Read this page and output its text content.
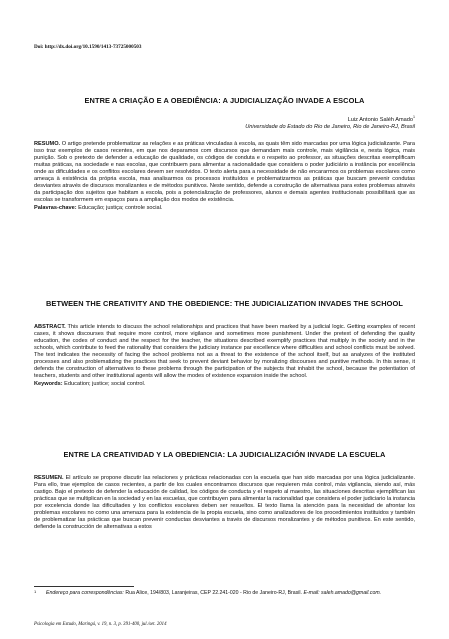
Doi: http://dx.doi.org/10.1590/1413-73725000503
ENTRE A CRIAÇÃO E A OBEDIÊNCIA: A JUDICIALIZAÇÃO INVADE A ESCOLA
Luiz Antonio Saléh Amado$^1$
Universidade do Estado do Rio de Janeiro, Rio de Janeiro-RJ, Brasil
RESUMO. O artigo pretende problematizar as relações e as práticas vinculadas à escola, as quais têm sido marcadas por uma lógica judicializante. Para isso traz exemplos de casos recentes, em que nos deparamos com discursos que demandam mais controle, mais vigilância e, nesta lógica, mais punição. Sob o pretexto de defender a educação de qualidade, os códigos de conduta e o respeito ao professor, as situações descritas exemplificam muitas práticas, na sociedade e nas escolas, que contribuem para alimentar a racionalidade que considera o poder judiciário a instância por excelência onde as dificuldades e os conflitos escolares devem ser resolvidos. O texto alerta para a necessidade de não encararmos os problemas escolares como ameaça à existência da própria escola, mas analisarmos os processos instituídos e problematizarmos as práticas que buscam prevenir condutas desviantes através de discursos moralizantes e de métodos punitivos. Neste sentido, defende a construção de alternativas para estes problemas através da participação dos sujeitos que habitam a escola, pois a potencialização de professores, alunos e demais agentes institucionais possibilitará que as escolas se transformem em espaços para a ampliação dos modos de existência.
Palavras-chave: Educação; justiça; controle social.
BETWEEN THE CREATIVITY AND THE OBEDIENCE: THE JUDICIALIZATION INVADES THE SCHOOL
ABSTRACT. This article intends to discuss the school relationships and practices that have been marked by a judicial logic. Getting examples of recent cases, it shows discourses that require more control, more vigilance and sometimes more punishment. Under the pretext of defending the quality education, the codes of conduct and the respect for the teacher, the situations described exemplify practices that multiply in the society and in the schools, which contribute to feed the rationality that considers the judiciary instance par excellence where difficulties and school conflicts must be solved. The text indicates the necessity of facing the school problems not as a threat to the existence of the school itself, but as analyzes of the instituted processes and also problematizing the practices that seek to prevent deviant behavior by moralizing discourses and punitive methods. In this sense, it defends the construction of alternatives to these problems through the participation of the subjects that inhabit the school, because the potentiation of teachers, students and other institutional agents will allow the modes of existence expansion inside the school.
Keywords: Education; justice; social control.
ENTRE LA CREATIVIDAD Y LA OBEDIENCIA: LA JUDICIALIZACIÓN INVADE LA ESCUELA
RESUMEN. El artículo se propone discutir las relaciones y prácticas relacionadas con la escuela que han sido marcadas por una lógica judicializante. Para ello, trae ejemplos de casos recientes, a partir de los cuales encontramos discursos que requieren más control, más vigilancia, siendo así, más castigo. Bajo el pretexto de defender la educación de calidad, los códigos de conducta y el respeto al maestro, las situaciones descritas ejemplifican las prácticas que se multiplican en la sociedad y en las escuelas, que contribuyen para alimentar la racionalidad que considera el poder judiciario la instancia por excelencia donde las dificultades y los conflictos escolares deben ser resueltos. El texto llama la atención para la necesidad de afrontar los problemas escolares no como una amenaza para la existencia de la propia escuela, sino como analizadores de los procedimientos instituidos y también de problematizar las prácticas que buscan prevenir conductas desviantes a través de discursos moralizantes y de métodos punitivos. En este sentido, defiende la construcción de alternativas a estos
1	Endereço para correspondências: Rua Alice, 194/803, Laranjeiras, CEP 22.241-020 - Rio de Janeiro-RJ, Brasil. E-mail: saleh.amado@gmail.com.
Psicologia em Estudo, Maringá, v. 19, n. 3, p. 391-400, jul./set. 2014
